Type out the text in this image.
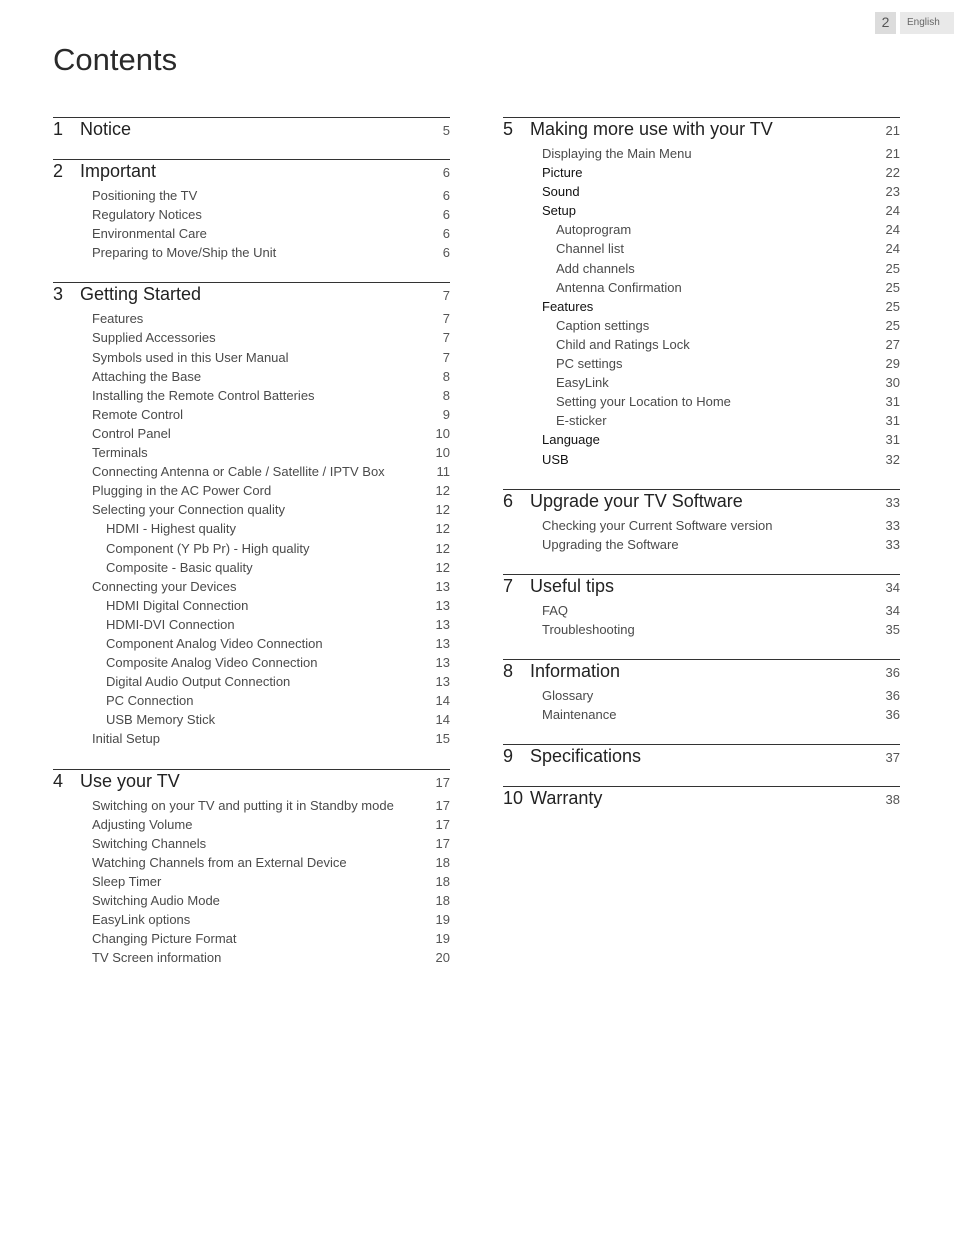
2	English
Contents
1 Notice	5
2 Important	6
Positioning the TV	6
Regulatory Notices	6
Environmental Care	6
Preparing to Move/Ship the Unit	6
3 Getting Started	7
Features	7
Supplied Accessories	7
Symbols used in this User Manual	7
Attaching the Base	8
Installing the Remote Control Batteries	8
Remote Control	9
Control Panel	10
Terminals	10
Connecting Antenna or Cable / Satellite / IPTV Box	11
Plugging in the AC Power Cord	12
Selecting your Connection quality	12
HDMI - Highest quality	12
Component (Y Pb Pr) - High quality	12
Composite - Basic quality	12
Connecting your Devices	13
HDMI Digital Connection	13
HDMI-DVI Connection	13
Component Analog Video Connection	13
Composite Analog Video Connection	13
Digital Audio Output Connection	13
PC Connection	14
USB Memory Stick	14
Initial Setup	15
4 Use your TV	17
Switching on your TV and putting it in Standby mode	17
Adjusting Volume	17
Switching Channels	17
Watching Channels from an External Device	18
Sleep Timer	18
Switching Audio Mode	18
EasyLink options	19
Changing Picture Format	19
TV Screen information	20
5 Making more use with your TV	21
Displaying the Main Menu	21
Picture	22
Sound	23
Setup	24
Autoprogram	24
Channel list	24
Add channels	25
Antenna Confirmation	25
Features	25
Caption settings	25
Child and Ratings Lock	27
PC settings	29
EasyLink	30
Setting your Location to Home	31
E-sticker	31
Language	31
USB	32
6 Upgrade your TV Software	33
Checking your Current Software version	33
Upgrading the Software	33
7 Useful tips	34
FAQ	34
Troubleshooting	35
8 Information	36
Glossary	36
Maintenance	36
9 Specifications	37
10 Warranty	38
